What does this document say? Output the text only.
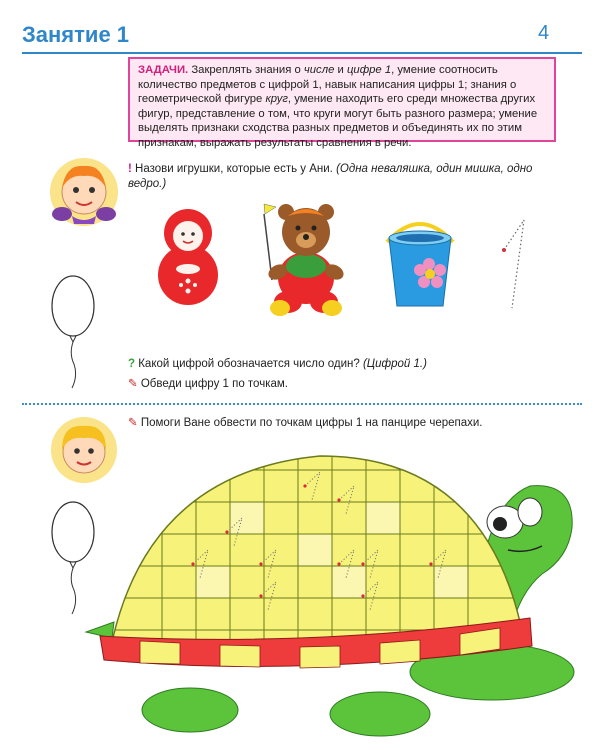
Занятие 1	4
ЗАДАЧИ. Закреплять знания о числе и цифре 1, умение соотносить количество предметов с цифрой 1, навык написания цифры 1; знания о геометрической фигуре круг, умение находить его среди множества других фигур, представление о том, что круги могут быть разного размера; умение выделять признаки сходства разных предметов и объединять их по этим признакам, выражать результаты сравнения в речи.
! Назови игрушки, которые есть у Ани. (Одна неваляшка, один мишка, одно ведро.)
? Какой цифрой обозначается число один? (Цифрой 1.)
✎ Обведи цифру 1 по точкам.
✎ Помоги Ване обвести по точкам цифры 1 на панцире черепахи.
